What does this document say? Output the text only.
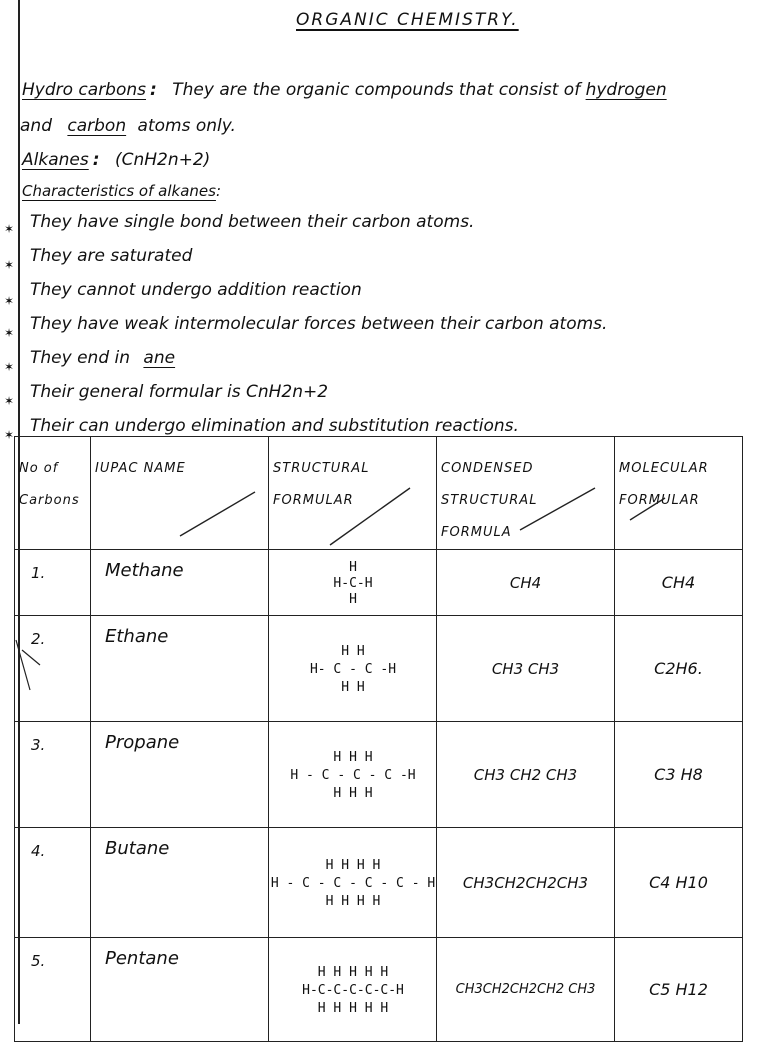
ORGANIC CHEMISTRY.
Hydro carbons : They are the organic compounds that consist of hydrogen
and carbon atoms only.
Alkanes : (CnH2n+2)
Characteristics of alkanes:
✶ They have single bond between their carbon atoms.
✶ They are saturated
✶
They cannot undergo addition reaction
✶ They have weak intermolecular forces between their carbon atoms.
✶ They end in ane
✶ Their general formular is CnH2n+2
✶ Their can undergo elimination and substitution reactions.
No of Carbons	IUPAC NAME	STRUCTURAL FORMULAR	CONDENSED STRUCTURAL FORMULA	MOLECULAR FORMULAR
1.	Methane	H
H-C-H
H	CH4	CH4
2.	Ethane	H H
H- C - C -H
H H	CH3 CH3	C2H6.
3.	Propane	H H H
H - C - C - C -H
H H H	CH3 CH2 CH3	C3 H8
4.	Butane	H H H H
H - C - C - C - C - H
H H H H	CH3CH2CH2CH3	C4 H10
5.	Pentane	H H H H H
H-C-C-C-C-C-H
H H H H H	CH3CH2CH2CH2 CH3	C5 H12
